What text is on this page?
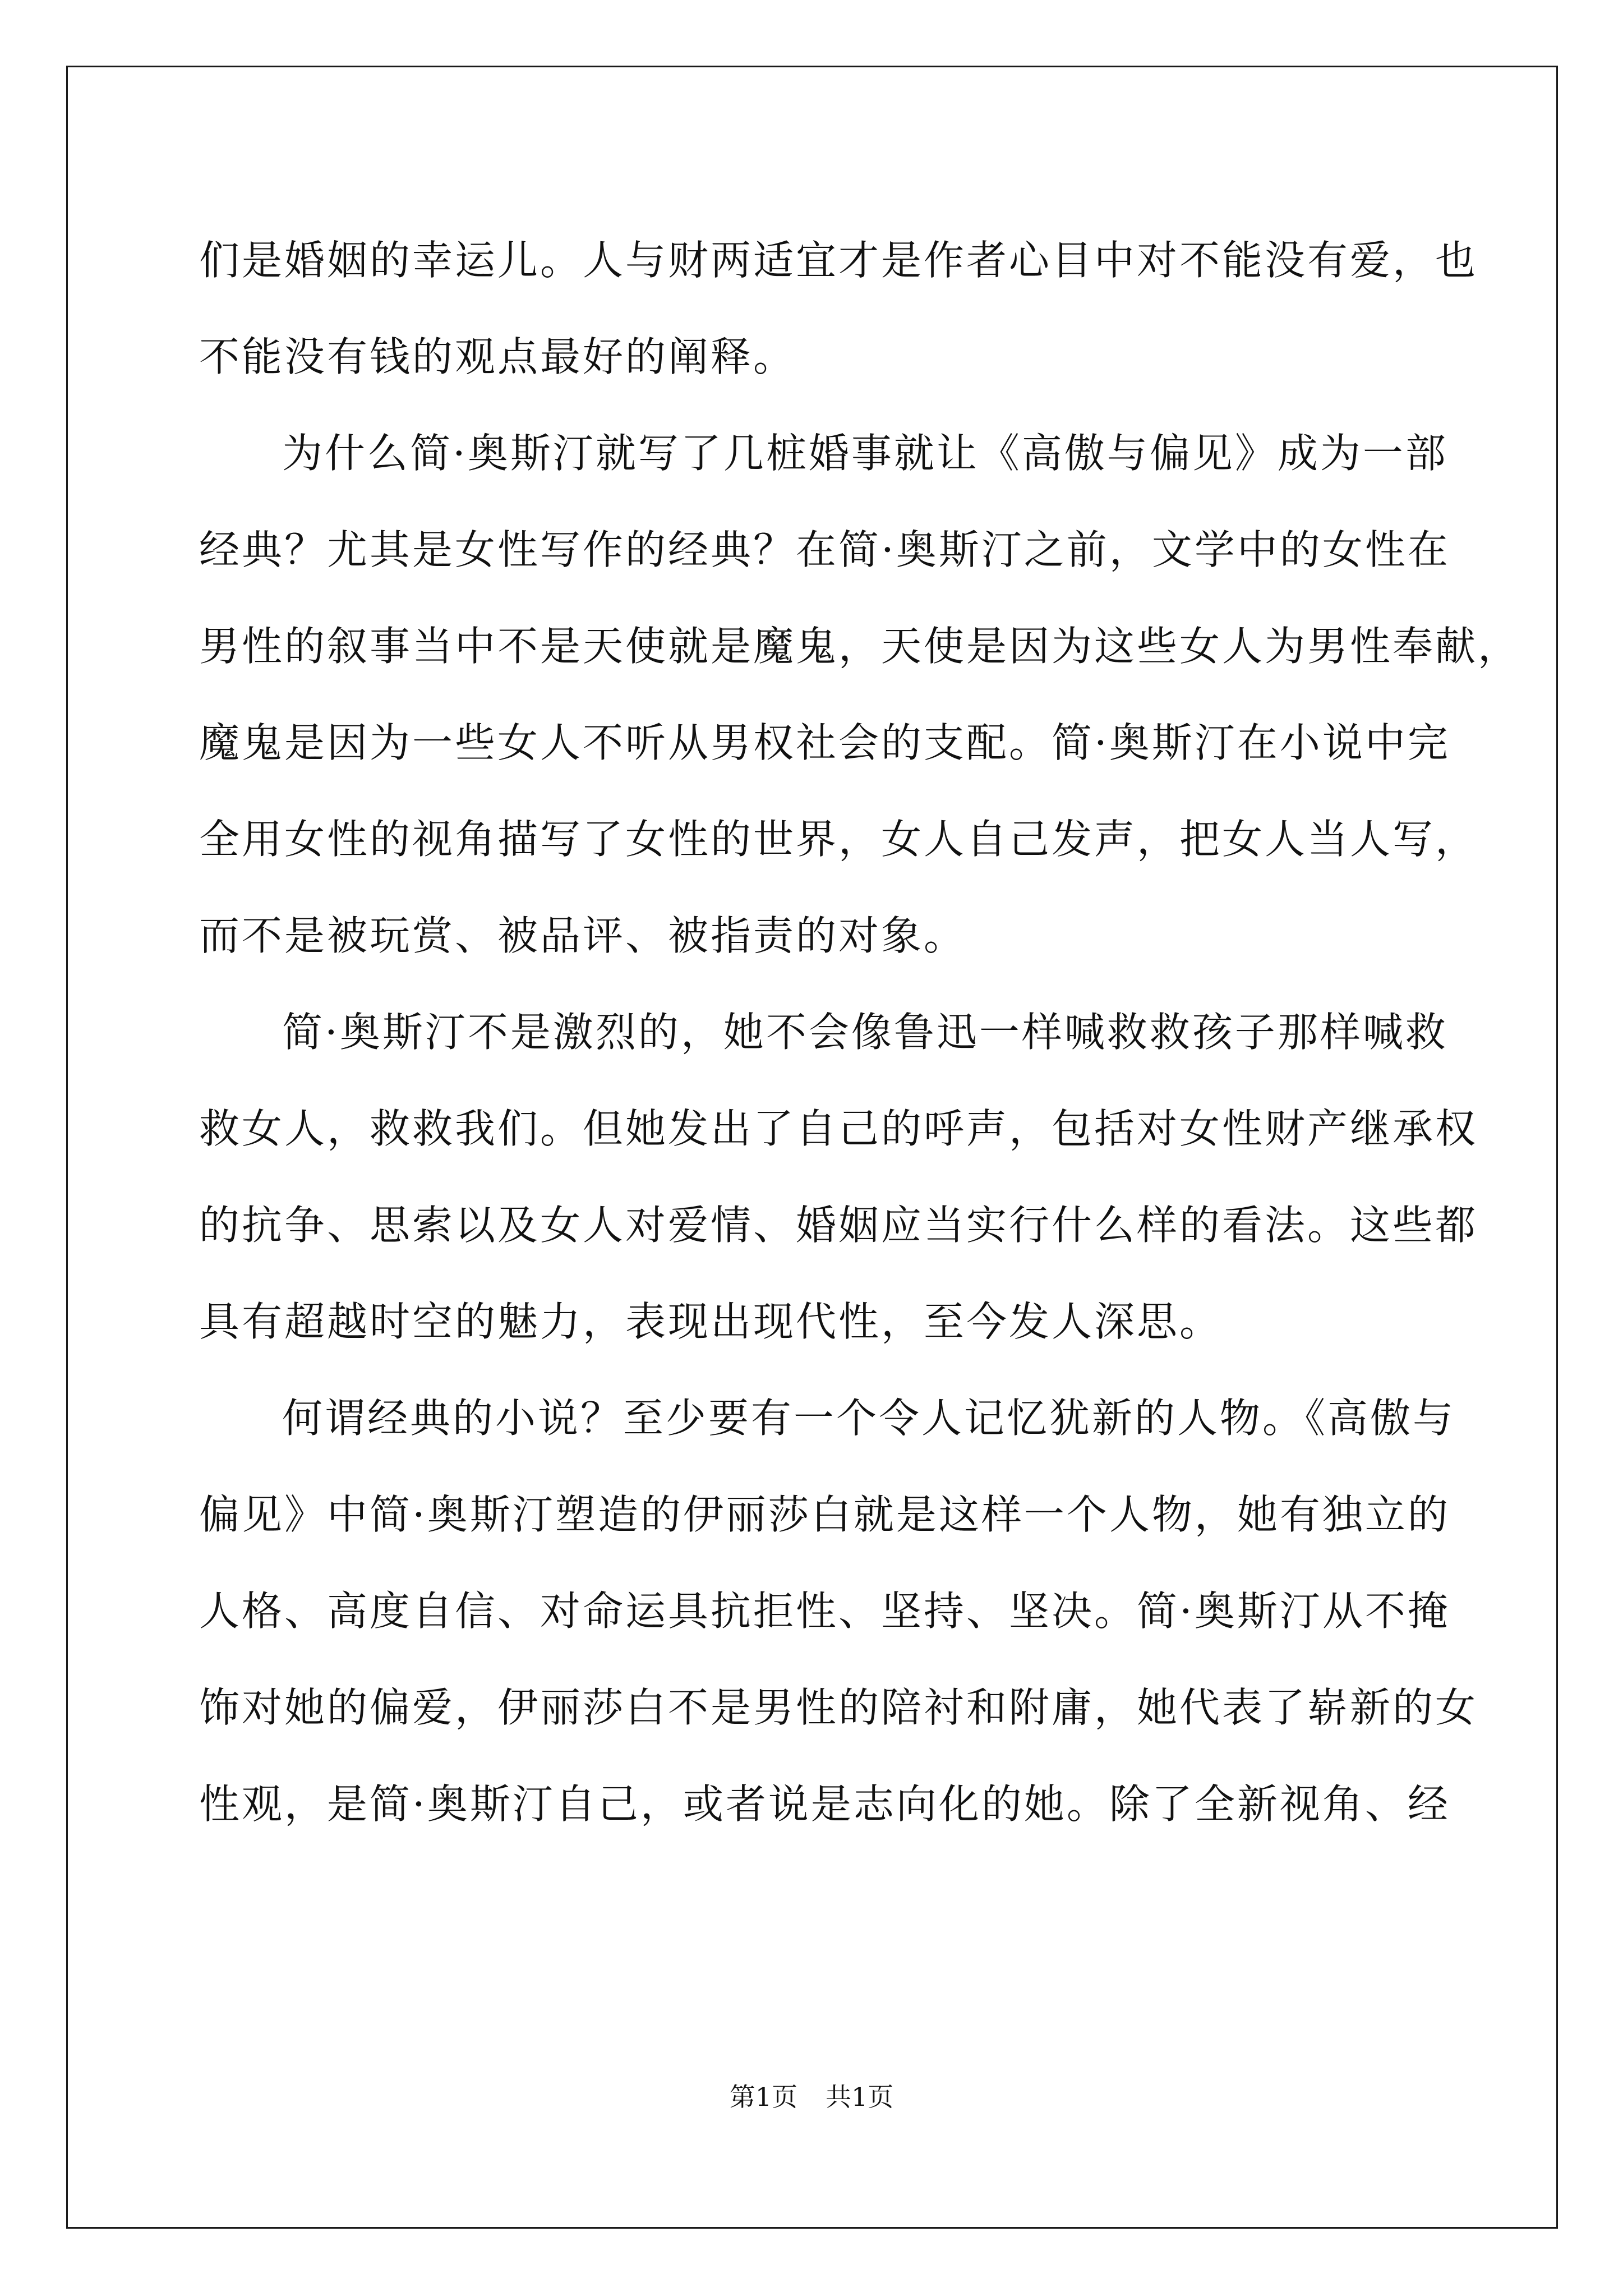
们是婚姻的幸运儿。人与财两适宜才是作者心目中对不能没有爱，也
不能没有钱的观点最好的阐释。
为什么简·奥斯汀就写了几桩婚事就让《高傲与偏见》成为一部
经典？尤其是女性写作的经典？在简·奥斯汀之前，文学中的女性在
男性的叙事当中不是天使就是魔鬼，天使是因为这些女人为男性奉献，
魔鬼是因为一些女人不听从男权社会的支配。简·奥斯汀在小说中完
全用女性的视角描写了女性的世界，女人自己发声，把女人当人写，
而不是被玩赏、被品评、被指责的对象。
简·奥斯汀不是激烈的，她不会像鲁迅一样喊救救孩子那样喊救
救女人，救救我们。但她发出了自己的呼声，包括对女性财产继承权
的抗争、思索以及女人对爱情、婚姻应当实行什么样的看法。这些都
具有超越时空的魅力，表现出现代性，至今发人深思。
何谓经典的小说？至少要有一个令人记忆犹新的人物。《高傲与
偏见》中简·奥斯汀塑造的伊丽莎白就是这样一个人物，她有独立的
人格、高度自信、对命运具抗拒性、坚持、坚决。简·奥斯汀从不掩
饰对她的偏爱，伊丽莎白不是男性的陪衬和附庸，她代表了崭新的女
性观，是简·奥斯汀自己，或者说是志向化的她。除了全新视角、经
第1页 共1页
